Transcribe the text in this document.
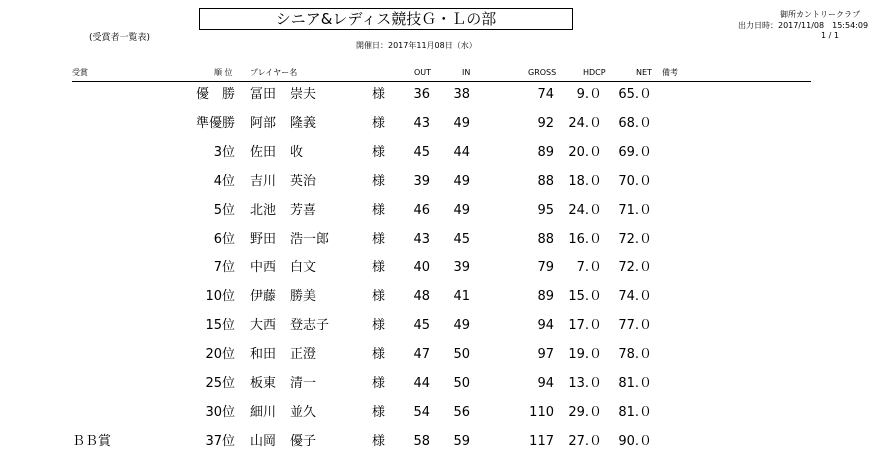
シニア&レディス競技Ｇ・Ｌの部
(受賞者一覧表)
御所カントリークラブ
出力日時：2017/11/08　15:54:09
1 / 1
開催日：2017年11月08日（水）
受賞	順 位 プレイヤー名	OUT	IN	GROSS	HDCP	NET 備考
優　勝 冨田	崇夫	様	36	38	74	9.０	65.０
準優勝 阿部	隆義	様	43	49	92	24.０	68.０
3位 佐田	收	様	45	44	89	20.０	69.０
4位 吉川	英治	様	39	49	88	18.０	70.０
5位 北池	芳喜	様	46	49	95	24.０	71.０
6位 野田	浩一郎	様	43	45	88	16.０	72.０
7位 中西	白文	様	40	39	79	7.０	72.０
10位 伊藤	勝美	様	48	41	89	15.０	74.０
15位 大西	登志子	様	45	49	94	17.０	77.０
20位 和田	正澄	様	47	50	97	19.０	78.０
25位 板東	清一	様	44	50	94	13.０	81.０
30位 細川	並久	様	54	56	110	29.０	81.０
ＢＢ賞	37位 山岡	優子	様	58	59	117	27.０	90.０
